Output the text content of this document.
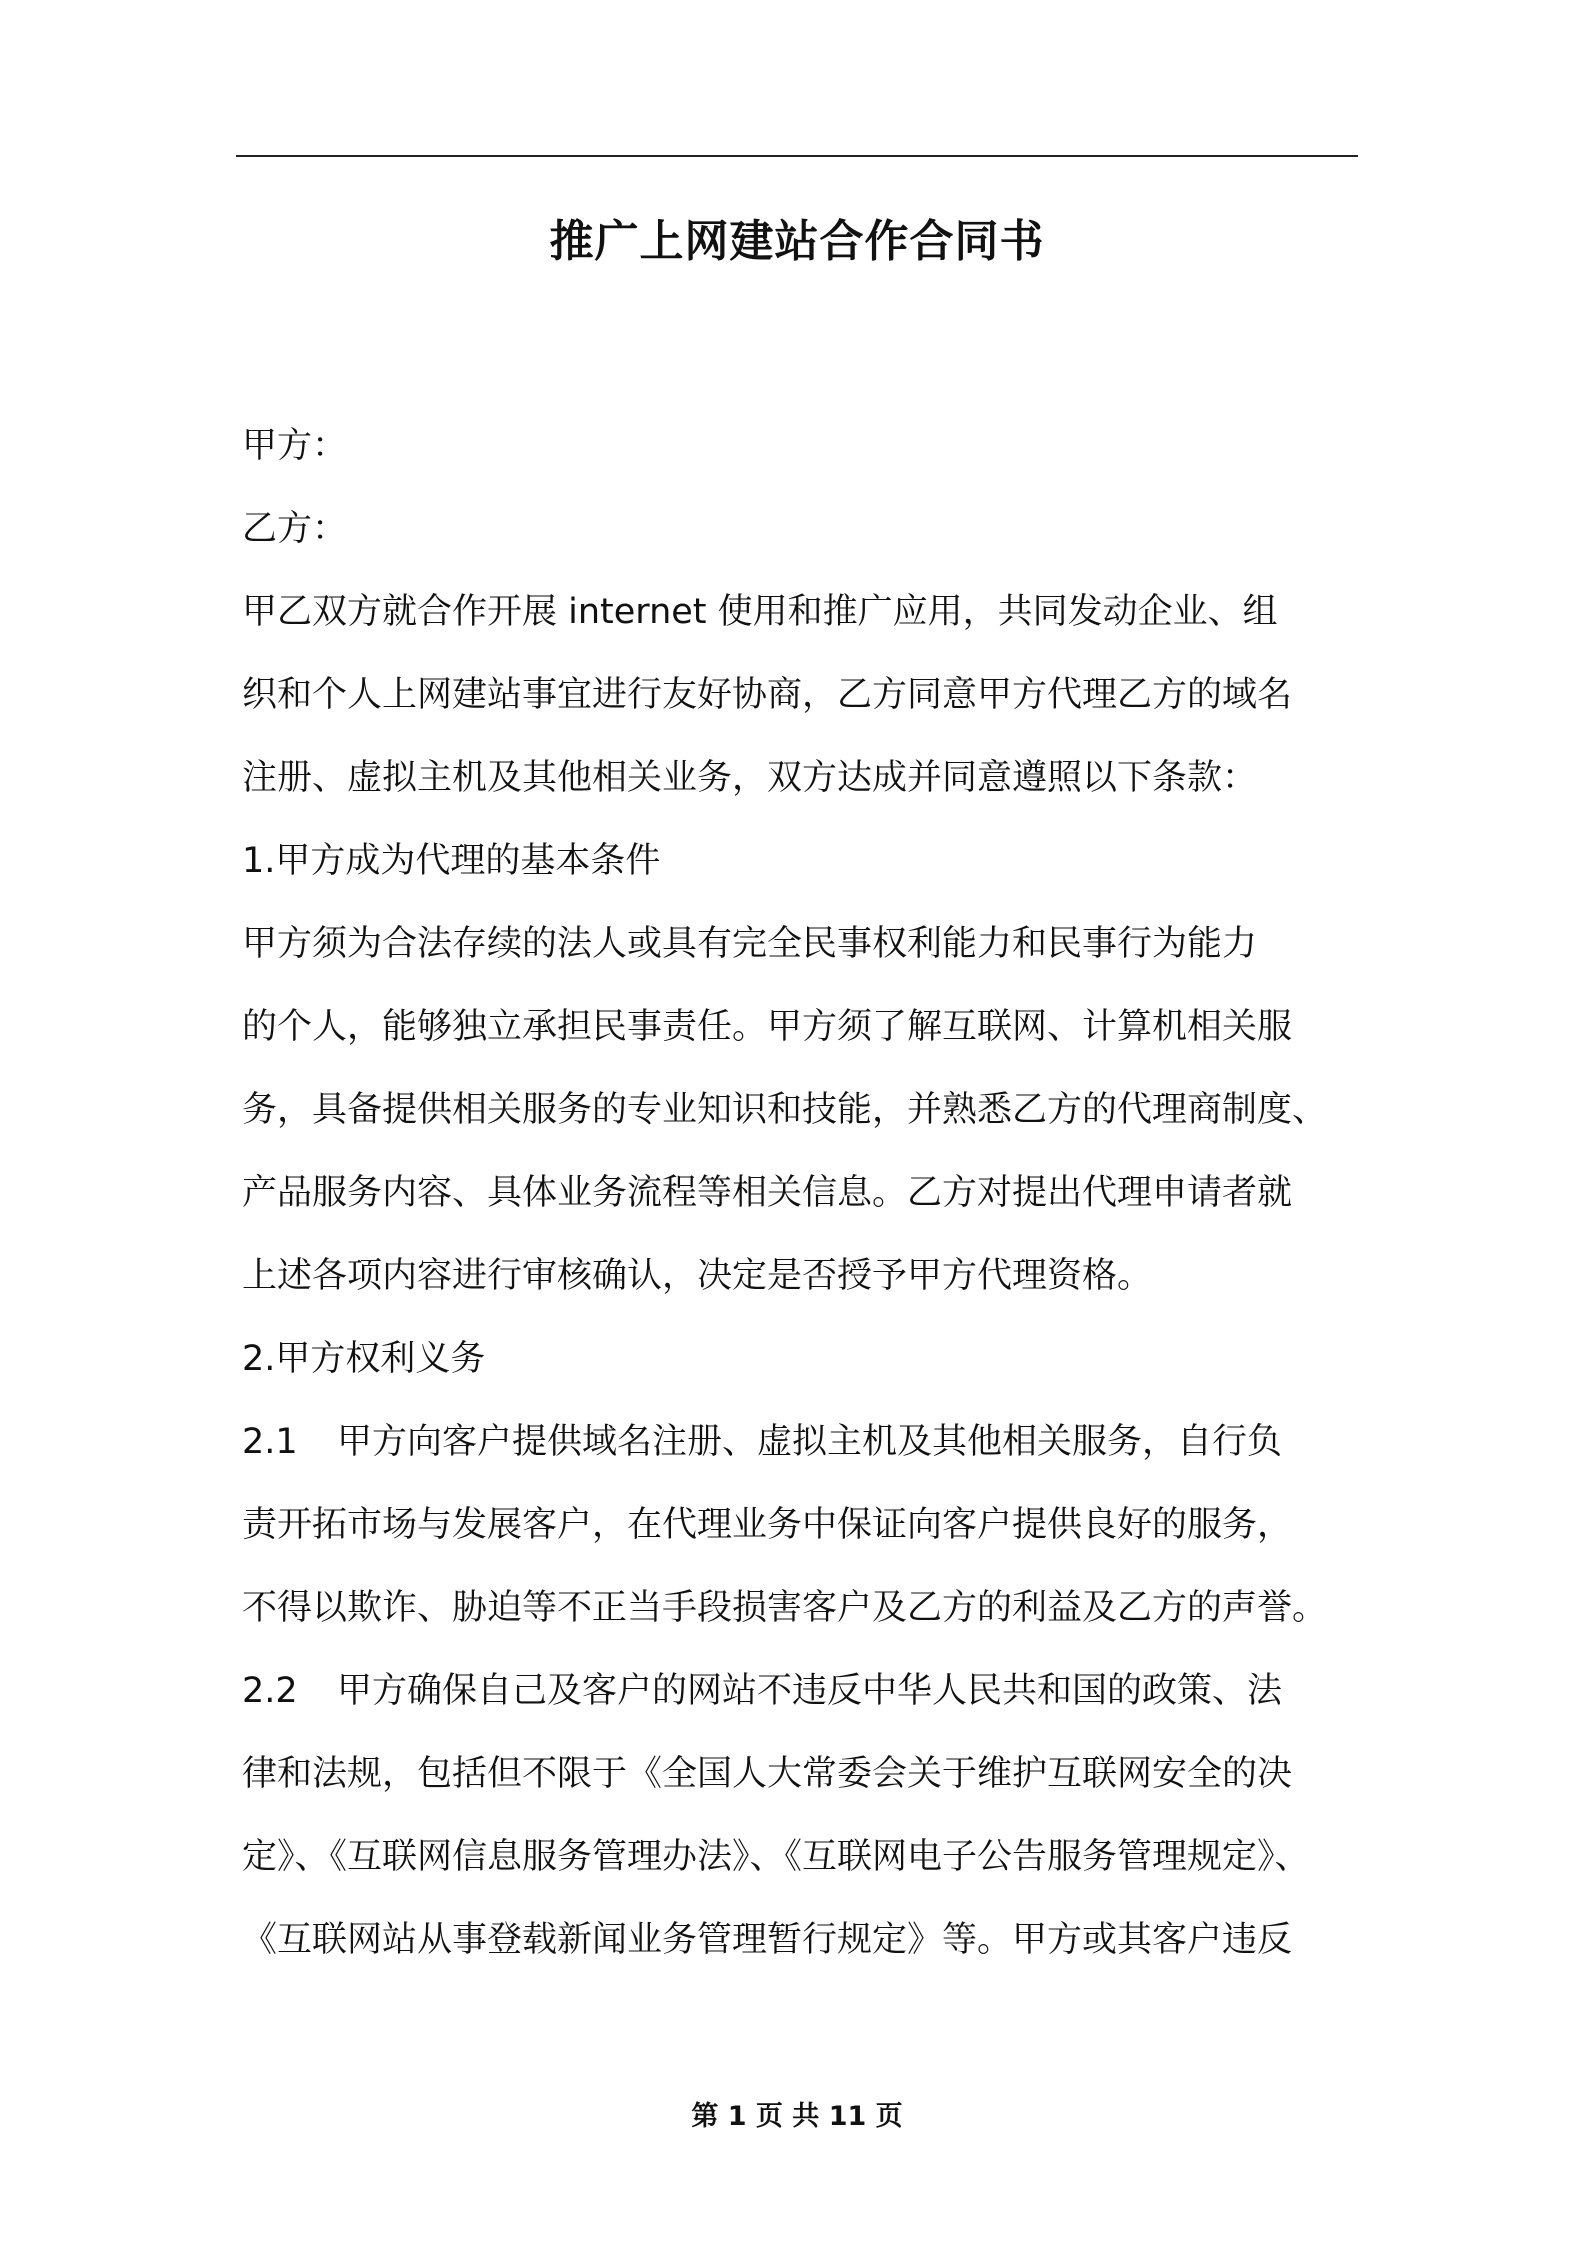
推广上网建站合作合同书

甲方：

乙方：

甲乙双方就合作开展 internet 使用和推广应用，共同发动企业、组

织和个人上网建站事宜进行友好协商，乙方同意甲方代理乙方的域名

注册、虚拟主机及其他相关业务，双方达成并同意遵照以下条款：

1.甲方成为代理的基本条件

甲方须为合法存续的法人或具有完全民事权利能力和民事行为能力

的个人，能够独立承担民事责任。甲方须了解互联网、计算机相关服

务，具备提供相关服务的专业知识和技能，并熟悉乙方的代理商制度、

产品服务内容、具体业务流程等相关信息。乙方对提出代理申请者就

上述各项内容进行审核确认，决定是否授予甲方代理资格。

2.甲方权利义务

2.1 甲方向客户提供域名注册、虚拟主机及其他相关服务，自行负

责开拓市场与发展客户，在代理业务中保证向客户提供良好的服务，

不得以欺诈、胁迫等不正当手段损害客户及乙方的利益及乙方的声誉。

2.2 甲方确保自己及客户的网站不违反中华人民共和国的政策、法

律和法规，包括但不限于《全国人大常委会关于维护互联网安全的决

定》、《互联网信息服务管理办法》、《互联网电子公告服务管理规定》、

《互联网站从事登载新闻业务管理暂行规定》等。甲方或其客户违反

第 1 页 共 11 页
